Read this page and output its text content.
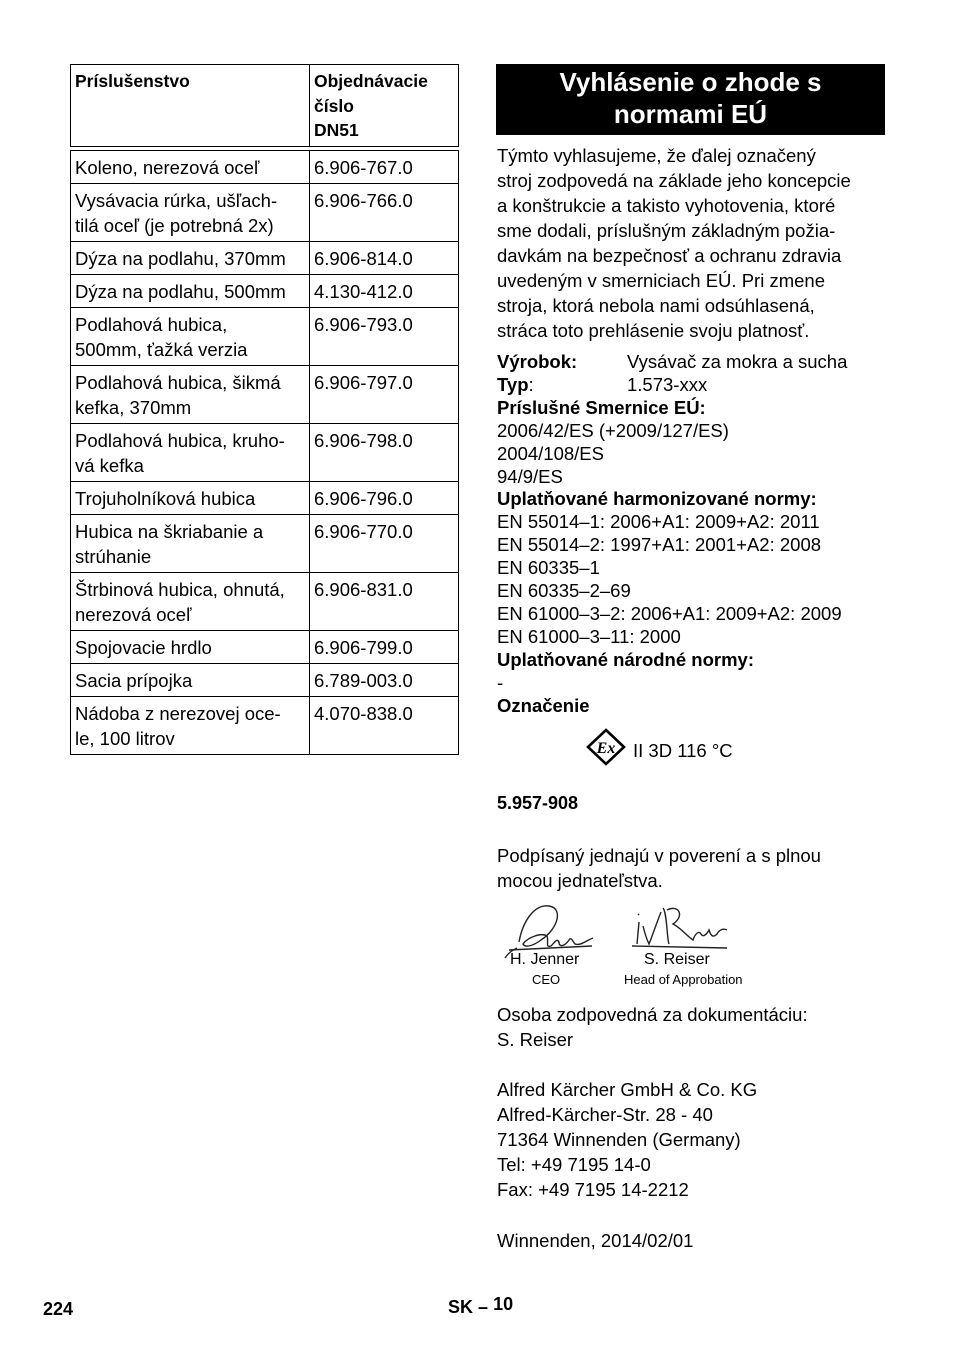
Príslušenstvo	Objednávacie
číslo
DN51

Koleno, nerezová oceľ	6.906-767.0

Vysávacia rúrka, ušľach-
tilá oceľ (je potrebná 2x)	6.906-766.0

Dýza na podlahu, 370mm	6.906-814.0

Dýza na podlahu, 500mm	4.130-412.0

Podlahová hubica,
500mm, ťažká verzia	6.906-793.0

Podlahová hubica, šikmá
kefka, 370mm	6.906-797.0

Podlahová hubica, kruho-
vá kefka	6.906-798.0

Trojuholníková hubica	6.906-796.0

Hubica na škriabanie a
strúhanie	6.906-770.0

Štrbinová hubica, ohnutá,
nerezová oceľ	6.906-831.0

Spojovacie hrdlo	6.906-799.0

Sacia prípojka	6.789-003.0

Nádoba z nerezovej oce-
le, 100 litrov	4.070-838.0
Vyhlásenie o zhode s
normami EÚ
Týmto vyhlasujeme, že ďalej označený
stroj zodpovedá na základe jeho koncepcie
a konštrukcie a takisto vyhotovenia, ktoré
sme dodali, príslušným základným požia-
davkám na bezpečnosť a ochranu zdravia
uvedeným v smerniciach EÚ. Pri zmene
stroja, ktorá nebola nami odsúhlasená,
stráca toto prehlásenie svoju platnosť.
Výrobok:	Vysávač za mokra a sucha
Typ:	1.573-xxx
Príslušné Smernice EÚ:
2006/42/ES (+2009/127/ES)
2004/108/ES
94/9/ES
Uplatňované harmonizované normy:
EN 55014–1: 2006+A1: 2009+A2: 2011
EN 55014–2: 1997+A1: 2001+A2: 2008
EN 60335–1
EN 60335–2–69
EN 61000–3–2: 2006+A1: 2009+A2: 2009
EN 61000–3–11: 2000
Uplatňované národné normy:
-
Označenie
Ex II 3D 116 °C
5.957-908
Podpísaný jednajú v poverení a s plnou
mocou jednateľstva.
H. Jenner
CEO
S. Reiser
Head of Approbation
Osoba zodpovedná za dokumentáciu:
S. Reiser
Alfred Kärcher GmbH & Co. KG
Alfred-Kärcher-Str. 28 - 40
71364 Winnenden (Germany)
Tel: +49 7195 14-0
Fax: +49 7195 14-2212
Winnenden, 2014/02/01
224	SK – 10
